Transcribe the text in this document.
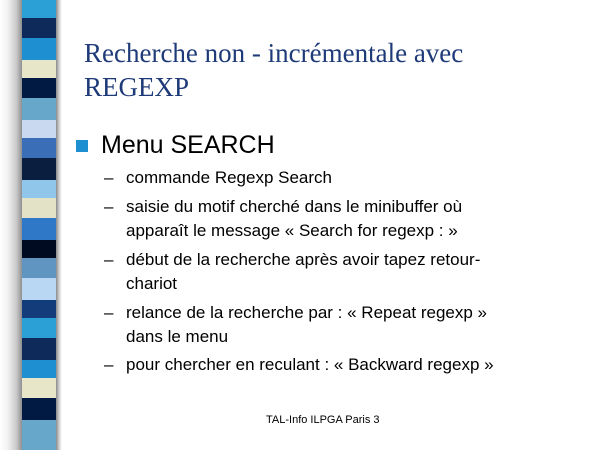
Recherche non - incrémentale avec
REGEXP
Menu SEARCH
– commande Regexp Search
– saisie du motif cherché dans le minibuffer où
apparaît le message « Search for regexp : »
– début de la recherche après avoir tapez retour-
chariot
– relance de la recherche par : « Repeat regexp »
dans le menu
– pour chercher en reculant : « Backward regexp »
TAL-Info ILPGA Paris 3
